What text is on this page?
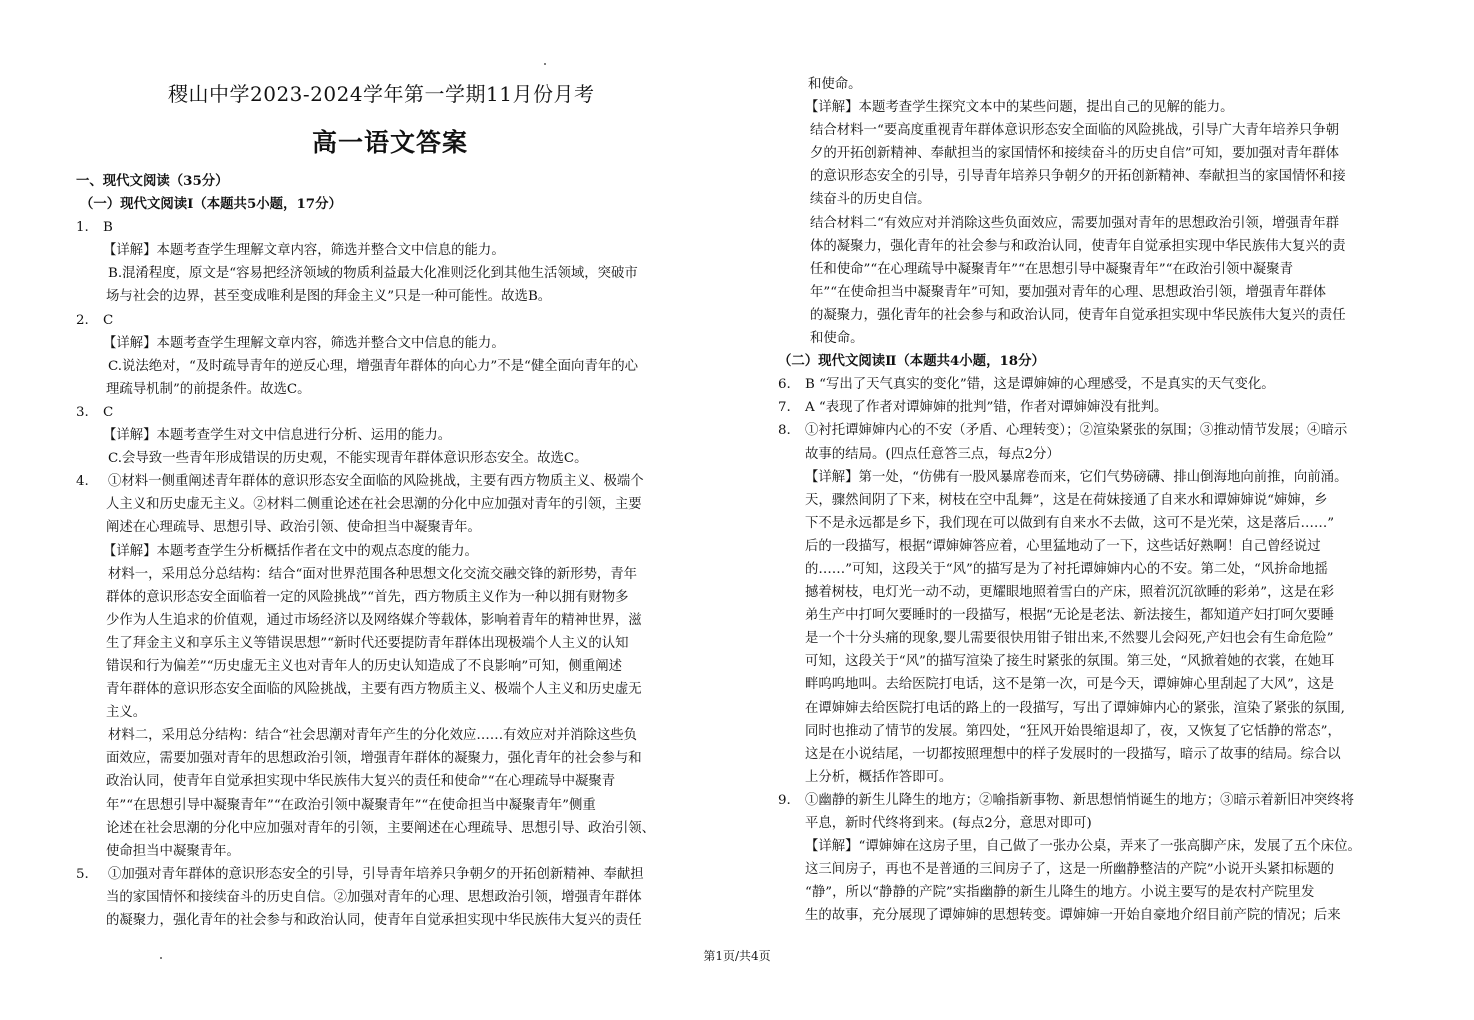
稷山中学2023-2024学年第一学期11月份月考
高一语文答案
一、现代文阅读（35分）
（一）现代文阅读Ⅰ（本题共5小题，17分）
1. B
【详解】本题考查学生理解文章内容，筛选并整合文中信息的能力。
B.混淆程度，原文是“容易把经济领域的物质利益最大化准则泛化到其他生活领域，突破市
场与社会的边界，甚至变成唯利是图的拜金主义”只是一种可能性。故选B。
2. C
【详解】本题考查学生理解文章内容，筛选并整合文中信息的能力。
C.说法绝对，“及时疏导青年的逆反心理，增强青年群体的向心力”不是“健全面向青年的心
理疏导机制”的前提条件。故选C。
3. C
【详解】本题考查学生对文中信息进行分析、运用的能力。
C.会导致一些青年形成错误的历史观，不能实现青年群体意识形态安全。故选C。
4. ①材料一侧重阐述青年群体的意识形态安全面临的风险挑战，主要有西方物质主义、极端个
人主义和历史虚无主义。②材料二侧重论述在社会思潮的分化中应加强对青年的引领，主要
阐述在心理疏导、思想引导、政治引领、使命担当中凝聚青年。
【详解】本题考查学生分析概括作者在文中的观点态度的能力。
材料一，采用总分总结构：结合“面对世界范围各种思想文化交流交融交锋的新形势，青年
群体的意识形态安全面临着一定的风险挑战”“首先，西方物质主义作为一种以拥有财物多
少作为人生追求的价值观，通过市场经济以及网络媒介等载体，影响着青年的精神世界，滋
生了拜金主义和享乐主义等错误思想”“新时代还要提防青年群体出现极端个人主义的认知
错误和行为偏差”“历史虚无主义也对青年人的历史认知造成了不良影响”可知，侧重阐述
青年群体的意识形态安全面临的风险挑战，主要有西方物质主义、极端个人主义和历史虚无
主义。
材料二，采用总分结构：结合“社会思潮对青年产生的分化效应……有效应对并消除这些负
面效应，需要加强对青年的思想政治引领，增强青年群体的凝聚力，强化青年的社会参与和
政治认同，使青年自觉承担实现中华民族伟大复兴的责任和使命”“在心理疏导中凝聚青
年”“在思想引导中凝聚青年”“在政治引领中凝聚青年”“在使命担当中凝聚青年”侧重
论述在社会思潮的分化中应加强对青年的引领，主要阐述在心理疏导、思想引导、政治引领、
使命担当中凝聚青年。
5. ①加强对青年群体的意识形态安全的引导，引导青年培养只争朝夕的开拓创新精神、奉献担
当的家国情怀和接续奋斗的历史自信。②加强对青年的心理、思想政治引领，增强青年群体
的凝聚力，强化青年的社会参与和政治认同，使青年自觉承担实现中华民族伟大复兴的责任
和使命。
【详解】本题考查学生探究文本中的某些问题，提出自己的见解的能力。
结合材料一“要高度重视青年群体意识形态安全面临的风险挑战，引导广大青年培养只争朝
夕的开拓创新精神、奉献担当的家国情怀和接续奋斗的历史自信”可知，要加强对青年群体
的意识形态安全的引导，引导青年培养只争朝夕的开拓创新精神、奉献担当的家国情怀和接
续奋斗的历史自信。
结合材料二“有效应对并消除这些负面效应，需要加强对青年的思想政治引领，增强青年群
体的凝聚力，强化青年的社会参与和政治认同，使青年自觉承担实现中华民族伟大复兴的责
任和使命”“在心理疏导中凝聚青年”“在思想引导中凝聚青年”“在政治引领中凝聚青
年”“在使命担当中凝聚青年”可知，要加强对青年的心理、思想政治引领，增强青年群体
的凝聚力，强化青年的社会参与和政治认同，使青年自觉承担实现中华民族伟大复兴的责任
和使命。
（二）现代文阅读Ⅱ（本题共4小题，18分）
6. B “写出了天气真实的变化”错，这是谭婶婶的心理感受，不是真实的天气变化。
7. A “表现了作者对谭婶婶的批判”错，作者对谭婶婶没有批判。
8. ①衬托谭婶婶内心的不安（矛盾、心理转变）；②渲染紧张的氛围；③推动情节发展；④暗示
故事的结局。(四点任意答三点，每点2分）
【详解】第一处，“仿佛有一股风暴席卷而来，它们气势磅礴、排山倒海地向前推，向前涌。
天，骤然间阴了下来，树枝在空中乱舞”，这是在荷妹接通了自来水和谭婶婶说“婶婶，乡
下不是永远都是乡下，我们现在可以做到有自来水不去做，这可不是光荣，这是落后……”
后的一段描写，根据“谭婶婶答应着，心里猛地动了一下，这些话好熟啊！自己曾经说过
的……”可知，这段关于“风”的描写是为了衬托谭婶婶内心的不安。第二处，“风拚命地摇
撼着树枝，电灯光一动不动，更耀眼地照着雪白的产床，照着沉沉欲睡的彩弟”，这是在彩
弟生产中打呵欠要睡时的一段描写，根据“无论是老法、新法接生，都知道产妇打呵欠要睡
是一个十分头痛的现象,婴儿需要很快用钳子钳出来,不然婴儿会闷死,产妇也会有生命危险”
可知，这段关于“风”的描写渲染了接生时紧张的氛围。第三处，“风掀着她的衣裳，在她耳
畔呜呜地叫。去给医院打电话，这不是第一次，可是今天，谭婶婶心里刮起了大风”，这是
在谭婶婶去给医院打电话的路上的一段描写，写出了谭婶婶内心的紧张，渲染了紧张的氛围,
同时也推动了情节的发展。第四处，“狂风开始畏缩退却了，夜，又恢复了它恬静的常态”，
这是在小说结尾，一切都按照理想中的样子发展时的一段描写，暗示了故事的结局。综合以
上分析，概括作答即可。
9. ①幽静的新生儿降生的地方；②喻指新事物、新思想悄悄诞生的地方；③暗示着新旧冲突终将
平息，新时代终将到来。(每点2分，意思对即可)
【详解】“谭婶婶在这房子里，自己做了一张办公桌，弄来了一张高脚产床，发展了五个床位。
这三间房子，再也不是普通的三间房子了，这是一所幽静整洁的产院”小说开头紧扣标题的
“静”，所以“静静的产院”实指幽静的新生儿降生的地方。小说主要写的是农村产院里发
生的故事，充分展现了谭婶婶的思想转变。谭婶婶一开始自豪地介绍目前产院的情况；后来
第1页/共4页
